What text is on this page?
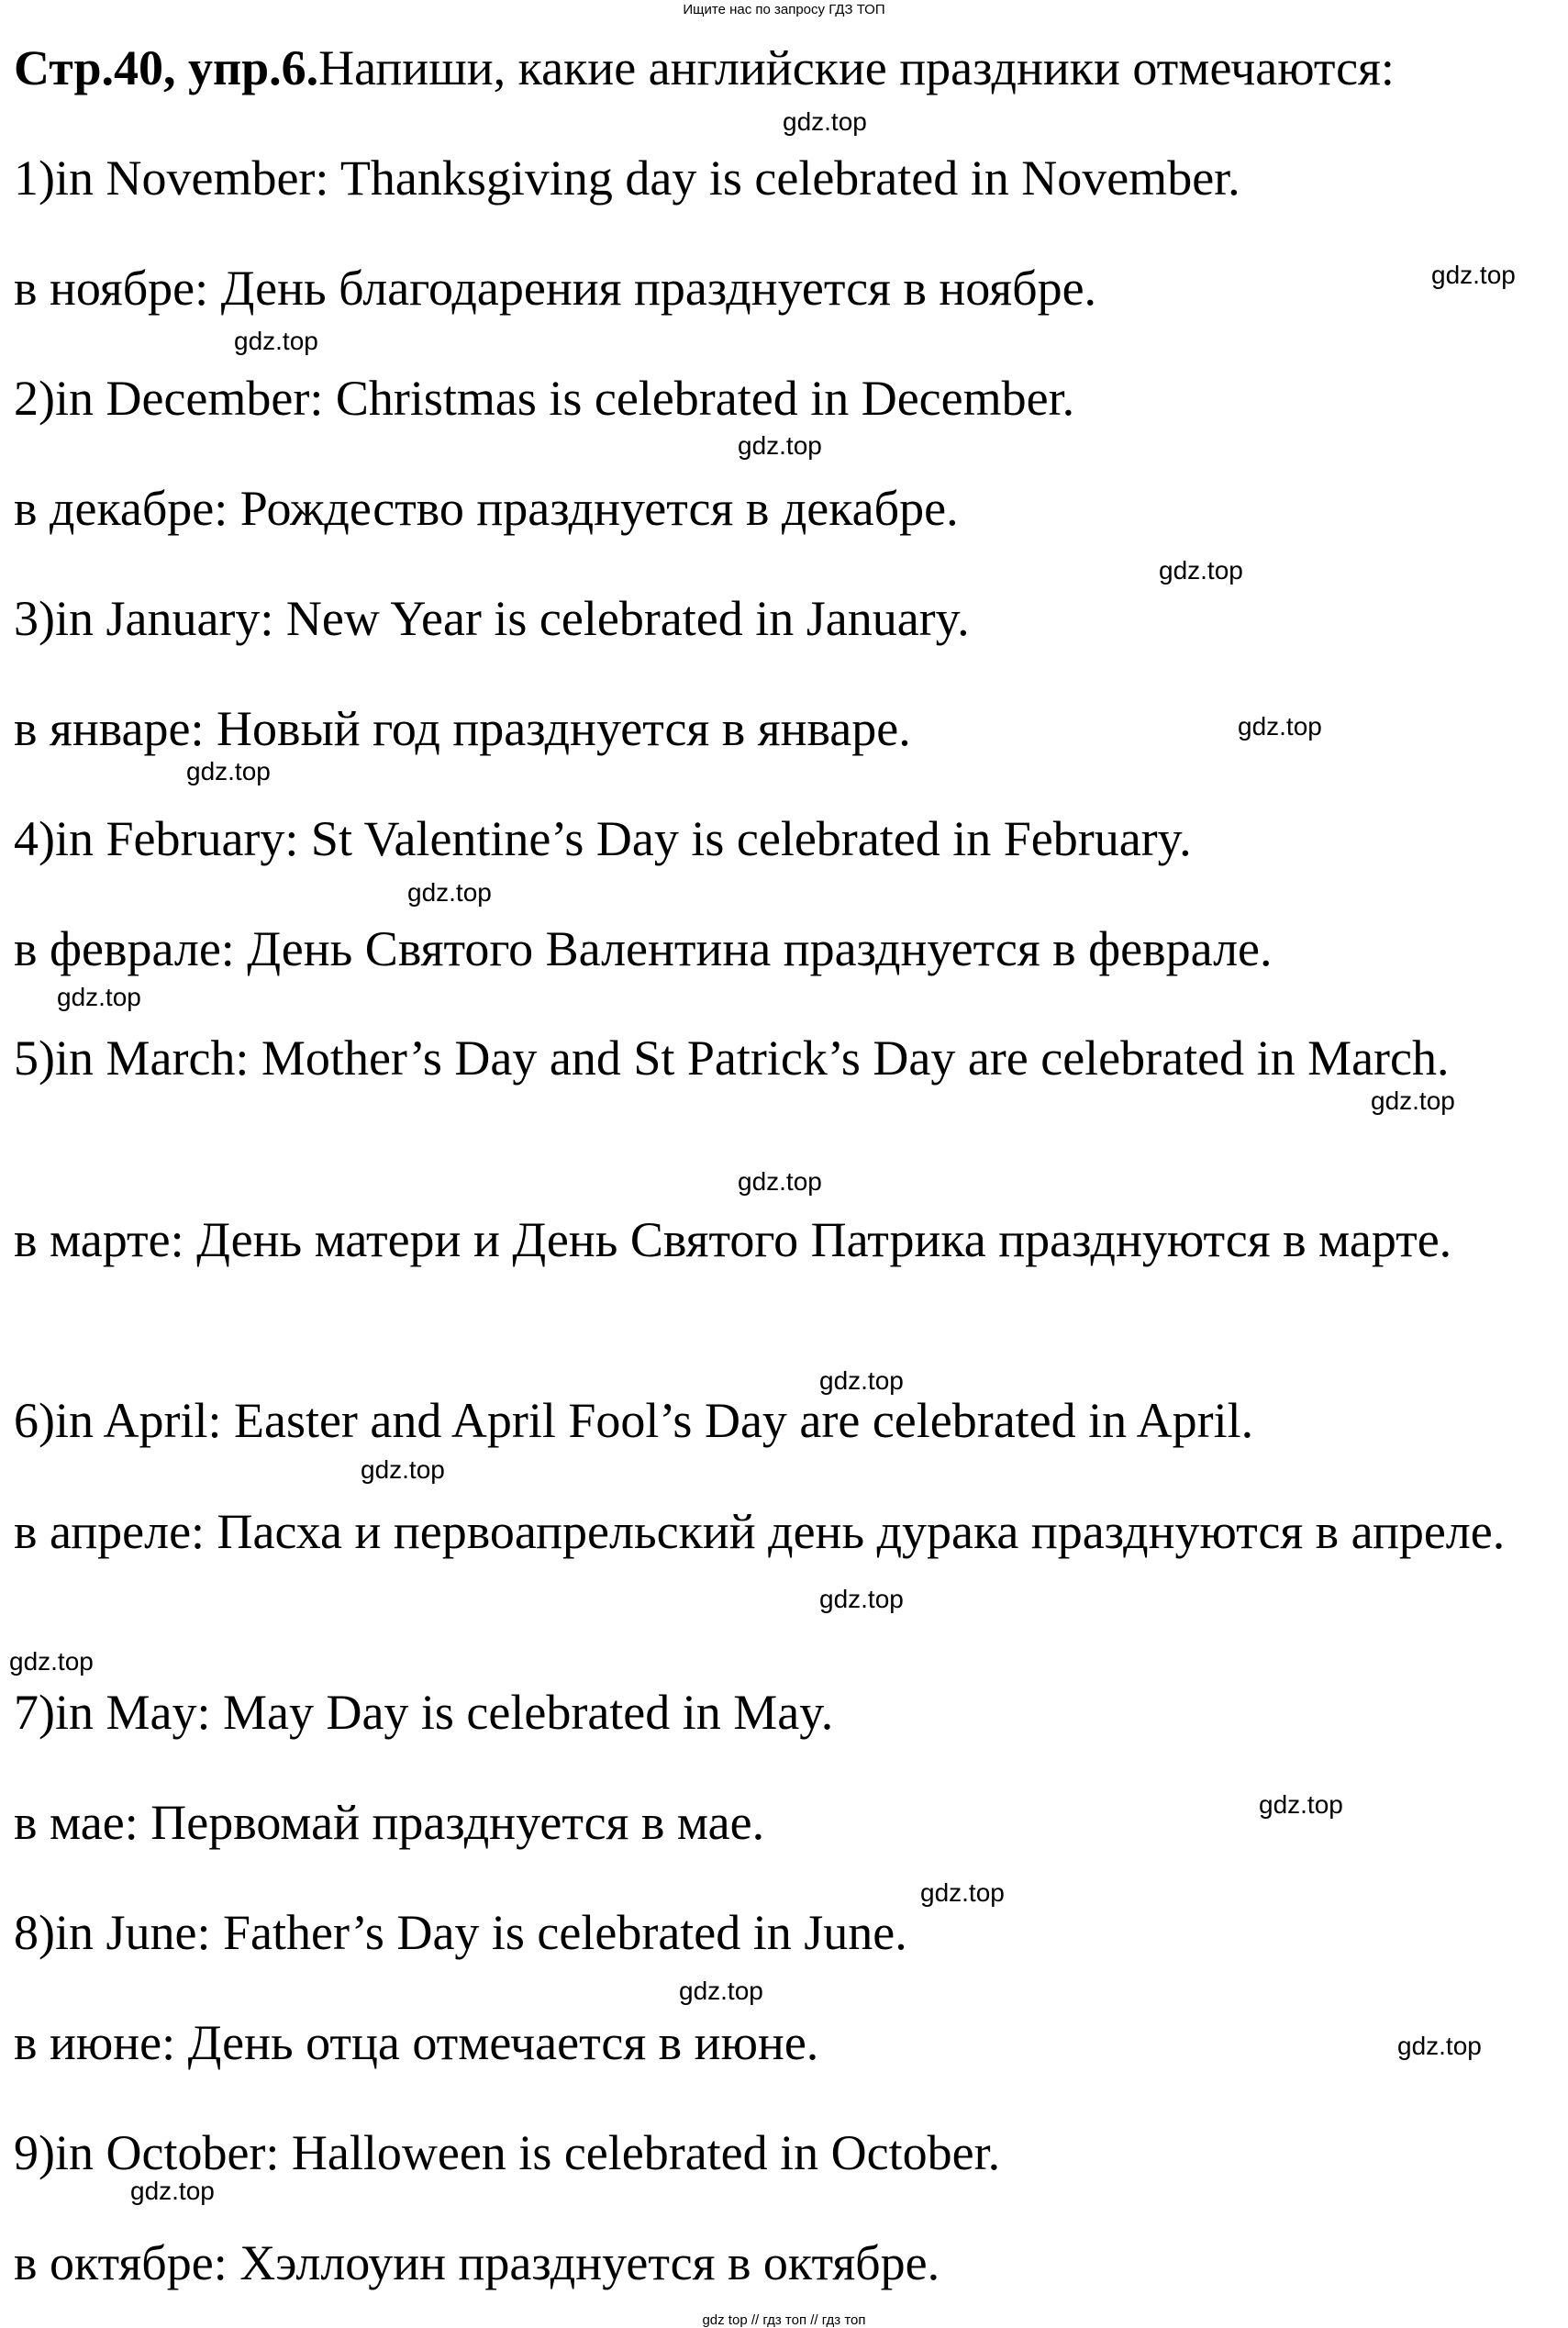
Ищите нас по запросу ГДЗ ТОП
Стр.40, упр.6.Напиши, какие английские праздники отмечаются:
1)in November: Thanksgiving day is celebrated in November.
в ноябре: День благодарения празднуется в ноябре.
2)in December: Christmas is celebrated in December.
в декабре: Рождество празднуется в декабре.
3)in January: New Year is celebrated in January.
в январе: Новый год празднуется в январе.
4)in February: St Valentine’s Day is celebrated in February.
в феврале: День Святого Валентина празднуется в феврале.
5)in March: Mother’s Day and St Patrick’s Day are celebrated in March.
в марте: День матери и День Святого Патрика празднуются в марте.
6)in April: Easter and April Fool’s Day are celebrated in April.
в апреле: Пасха и первоапрельский день дурака празднуются в апреле.
7)in May: May Day is celebrated in May.
в мае: Первомай празднуется в мае.
8)in June: Father’s Day is celebrated in June.
в июне: День отца отмечается в июне.
9)in October: Halloween is celebrated in October.
в октябре: Хэллоуин празднуется в октябре.
gdz.top
gdz.top
gdz.top
gdz.top
gdz.top
gdz.top
gdz.top
gdz.top
gdz.top
gdz.top
gdz.top
gdz.top
gdz.top
gdz.top
gdz.top
gdz.top
gdz.top
gdz.top
gdz.top
gdz.top
gdz top // гдз топ // гдз топ
